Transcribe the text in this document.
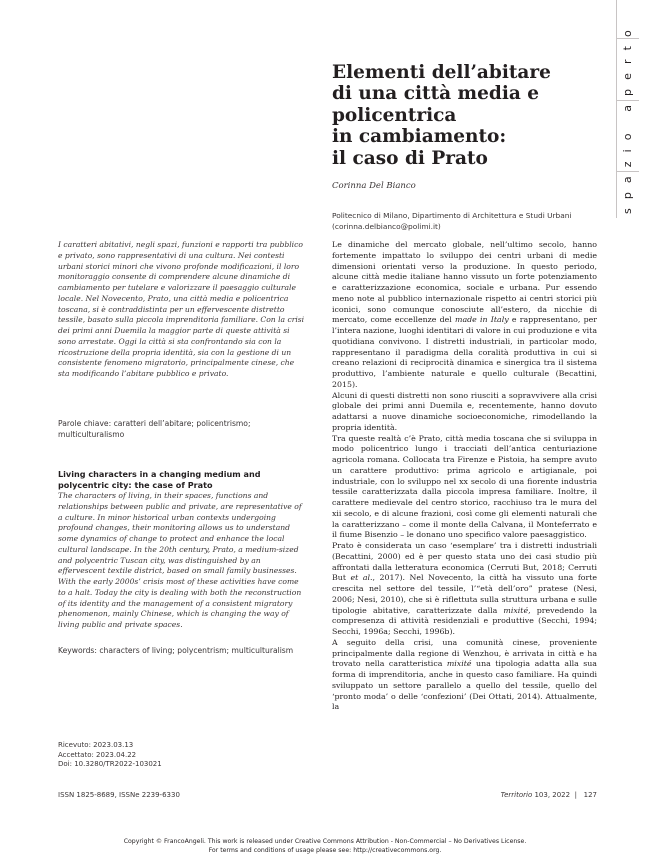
spazio aperto
Elementi dell’abitare
di una città media e
policentrica
in cambiamento:
il caso di Prato
Corinna Del Bianco
Politecnico di Milano, Dipartimento di Architettura e Studi Urbani
(corinna.delbianco@polimi.it)
I caratteri abitativi, negli spazi, funzioni e rapporti tra pubblico e privato, sono rappresentativi di una cultura. Nei contesti urbani storici minori che vivono profonde modificazioni, il loro monitoraggio consente di comprendere alcune dinamiche di cambiamento per tutelare e valorizzare il paesaggio culturale locale. Nel Novecento, Prato, una città media e policentrica toscana, si è contraddistinta per un effervescente distretto tessile, basato sulla piccola imprenditoria familiare. Con la crisi dei primi anni Duemila la maggior parte di queste attività si sono arrestate. Oggi la città si sta confrontando sia con la ricostruzione della propria identità, sia con la gestione di un consistente fenomeno migratorio, principalmente cinese, che sta modificando l’abitare pubblico e privato.
Parole chiave: caratteri dell’abitare; policentrismo; multiculturalismo
Living characters in a changing medium and
polycentric city: the case of Prato
The characters of living, in their spaces, functions and relationships between public and private, are representative of a culture. In minor historical urban contexts undergoing profound changes, their monitoring allows us to understand some dynamics of change to protect and enhance the local cultural landscape. In the 20th century, Prato, a medium-sized and polycentric Tuscan city, was distinguished by an effervescent textile district, based on small family businesses. With the early 2000s’ crisis most of these activities have come to a halt. Today the city is dealing with both the reconstruction of its identity and the management of a consistent migratory phenomenon, mainly Chinese, which is changing the way of living public and private spaces.
Keywords: characters of living; polycentrism; multiculturalism
Ricevuto: 2023.03.13
Accettato: 2023.04.22
Doi: 10.3280/TR2022-103021

Le dinamiche del mercato globale, nell’ultimo secolo, hanno fortemente impattato lo sviluppo dei centri urbani di medie dimensioni orientati verso la produzione. In questo periodo, alcune città medie italiane hanno vissuto un forte potenziamento e caratterizzazione economica, sociale e urbana. Pur essendo meno note al pubblico internazionale rispetto ai centri storici più iconici, sono comunque conosciute all’estero, da nicchie di mercato, come eccellenze del made in Italy e rappresentano, per l’intera nazione, luoghi identitari di valore in cui produzione e vita quotidiana convivono. I distretti industriali, in particolar modo, rappresentano il paradigma della coralità produttiva in cui si creano relazioni di reciprocità dinamica e sinergica tra il sistema produttivo, l’ambiente naturale e quello culturale (Becattini, 2015).

Alcuni di questi distretti non sono riusciti a sopravvivere alla crisi globale dei primi anni Duemila e, recentemente, hanno dovuto adattarsi a nuove dinamiche socioeconomiche, rimodellando la propria identità.

Tra queste realtà c’è Prato, città media toscana che si sviluppa in modo policentrico lungo i tracciati dell’antica centuriazione agricola romana. Collocata tra Firenze e Pistoia, ha sempre avuto un carattere produttivo: prima agricolo e artigianale, poi industriale, con lo sviluppo nel xx secolo di una fiorente industria tessile caratterizzata dalla piccola impresa familiare. Inoltre, il carattere medievale del centro storico, racchiuso tra le mura del xii secolo, e di alcune frazioni, così come gli elementi naturali che la caratterizzano – come il monte della Calvana, il Monteferrato e il fiume Bisenzio – le donano uno specifico valore paesaggistico.

Prato è considerata un caso ‘esemplare’ tra i distretti industriali (Becattini, 2000) ed è per questo stata uno dei casi studio più affrontati dalla letteratura economica (Cerruti But, 2018; Cerruti But et al., 2017). Nel Novecento, la città ha vissuto una forte crescita nel settore del tessile, l’“età dell’oro” pratese (Nesi, 2006; Nesi, 2010), che si è riflettuta sulla struttura urbana e sulle tipologie abitative, caratterizzate dalla mixité, prevedendo la compresenza di attività residenziali e produttive (Secchi, 1994; Secchi, 1996a; Secchi, 1996b).

A seguito della crisi, una comunità cinese, proveniente principalmente dalla regione di Wenzhou, è arrivata in città e ha trovato nella caratteristica mixité una tipologia adatta alla sua forma di imprenditoria, anche in questo caso familiare. Ha quindi sviluppato un settore parallelo a quello del tessile, quello del ‘pronto moda’ o delle ‘confezioni’ (Dei Ottati, 2014). Attualmente, la

ISSN 1825-8689, ISSNe 2239-6330	Territorio 103, 2022  |   127
Copyright © FrancoAngeli. This work is released under Creative Commons Attribution - Non-Commercial – No Derivatives License.
For terms and conditions of usage please see: http://creativecommons.org.
